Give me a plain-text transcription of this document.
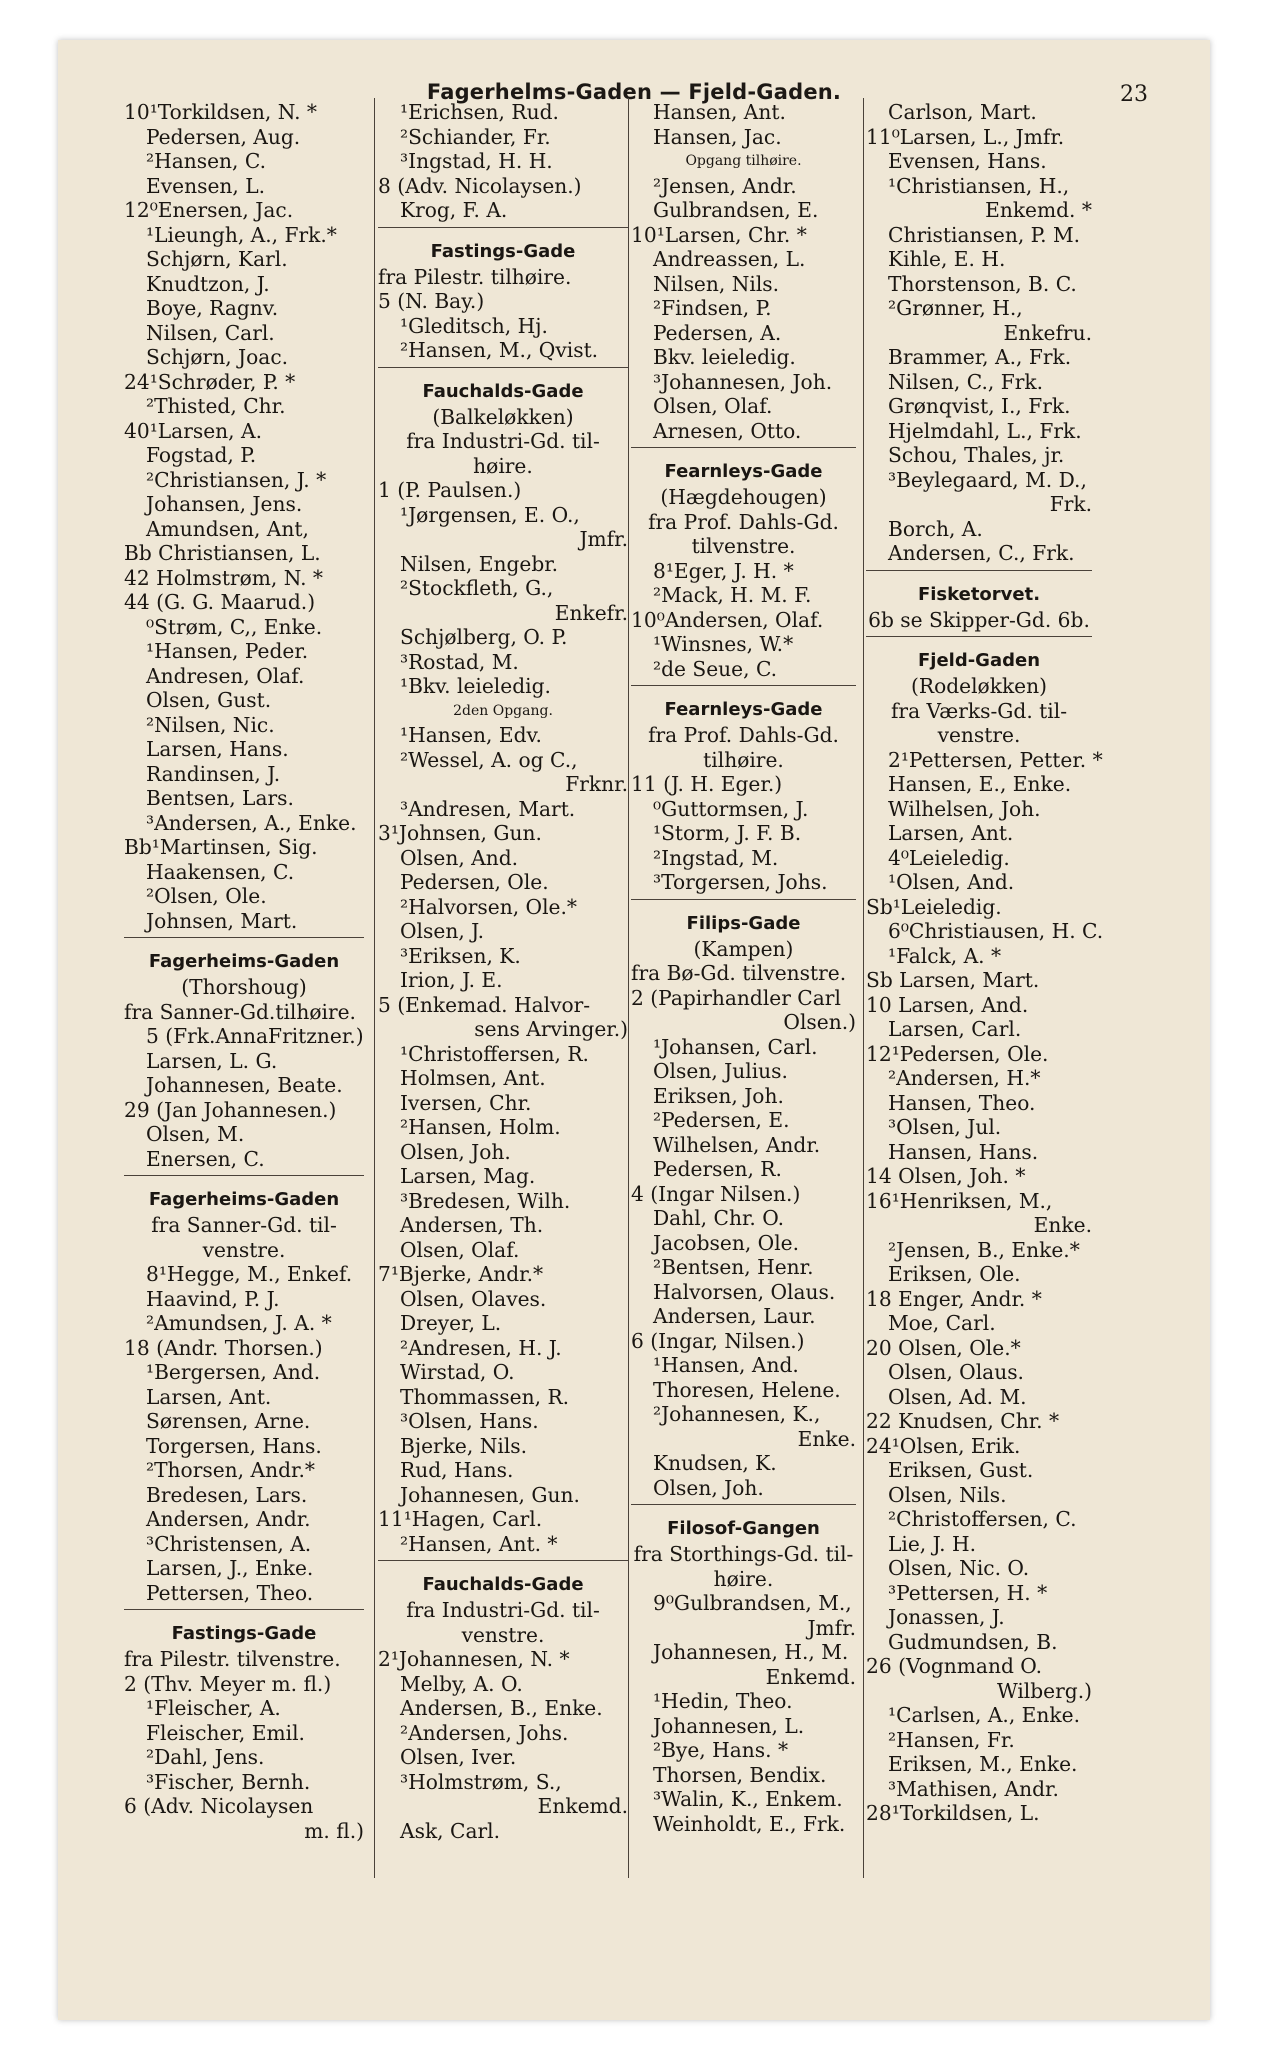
Fagerhelms-Gaden — Fjeld-Gaden.	23
10¹Torkildsen, N. *
Pedersen, Aug.
²Hansen, C.
Evensen, L.
12⁰Enersen, Jac.
¹Lieungh, A., Frk.*
Schjørn, Karl.
Knudtzon, J.
Boye, Ragnv.
Nilsen, Carl.
Schjørn, Joac.
24¹Schrøder, P. *
²Thisted, Chr.
40¹Larsen, A.
Fogstad, P.
²Christiansen, J. *
Johansen, Jens.
Amundsen, Ant,
Bb Christiansen, L.
42 Holmstrøm, N. *
44 (G. G. Maarud.)
⁰Strøm, C,, Enke.
¹Hansen, Peder.
Andresen, Olaf.
Olsen, Gust.
²Nilsen, Nic.
Larsen, Hans.
Randinsen, J.
Bentsen, Lars.
³Andersen, A., Enke.
Bb¹Martinsen, Sig.
Haakensen, C.
²Olsen, Ole.
Johnsen, Mart.
Fagerheims-Gaden
(Thorshoug)
fra Sanner-Gd.tilhøire.
5 (Frk.AnnaFritzner.)
Larsen, L. G.
Johannesen, Beate.
29 (Jan Johannesen.)
Olsen, M.
Enersen, C.
Fagerheims-Gaden
fra Sanner-Gd. til-
venstre.
8¹Hegge, M., Enkef.
Haavind, P. J.
²Amundsen, J. A. *
18 (Andr. Thorsen.)
¹Bergersen, And.
Larsen, Ant.
Sørensen, Arne.
Torgersen, Hans.
²Thorsen, Andr.*
Bredesen, Lars.
Andersen, Andr.
³Christensen, A.
Larsen, J., Enke.
Pettersen, Theo.
Fastings-Gade
fra Pilestr. tilvenstre.
2 (Thv. Meyer m. fl.)
¹Fleischer, A.
Fleischer, Emil.
²Dahl, Jens.
³Fischer, Bernh.
6 (Adv. Nicolaysen
m. fl.)
¹Erichsen, Rud.
²Schiander, Fr.
³Ingstad, H. H.
8 (Adv. Nicolaysen.)
Krog, F. A.
Fastings-Gade
fra Pilestr. tilhøire.
5 (N. Bay.)
¹Gleditsch, Hj.
²Hansen, M., Qvist.
Fauchalds-Gade
(Balkeløkken)
fra Industri-Gd. til-
høire.
1 (P. Paulsen.)
¹Jørgensen, E. O.,
Jmfr.
Nilsen, Engebr.
²Stockfleth, G.,
Enkefr.
Schjølberg, O. P.
³Rostad, M.
¹Bkv. leieledig.
2den Opgang.
¹Hansen, Edv.
²Wessel, A. og C.,
Frknr.
³Andresen, Mart.
3¹Johnsen, Gun.
Olsen, And.
Pedersen, Ole.
²Halvorsen, Ole.*
Olsen, J.
³Eriksen, K.
Irion, J. E.
5 (Enkemad. Halvor-
sens Arvinger.)
¹Christoffersen, R.
Holmsen, Ant.
Iversen, Chr.
²Hansen, Holm.
Olsen, Joh.
Larsen, Mag.
³Bredesen, Wilh.
Andersen, Th.
Olsen, Olaf.
7¹Bjerke, Andr.*
Olsen, Olaves.
Dreyer, L.
²Andresen, H. J.
Wirstad, O.
Thommassen, R.
³Olsen, Hans.
Bjerke, Nils.
Rud, Hans.
Johannesen, Gun.
11¹Hagen, Carl.
²Hansen, Ant. *
Fauchalds-Gade
fra Industri-Gd. til-
venstre.
2¹Johannesen, N. *
Melby, A. O.
Andersen, B., Enke.
²Andersen, Johs.
Olsen, Iver.
³Holmstrøm, S.,
Enkemd.
Ask, Carl.
Hansen, Ant.
Hansen, Jac.
Opgang tilhøire.
²Jensen, Andr.
Gulbrandsen, E.
10¹Larsen, Chr. *
Andreassen, L.
Nilsen, Nils.
²Findsen, P.
Pedersen, A.
Bkv. leieledig.
³Johannesen, Joh.
Olsen, Olaf.
Arnesen, Otto.
Fearnleys-Gade
(Hægdehougen)
fra Prof. Dahls-Gd.
tilvenstre.
8¹Eger, J. H. *
²Mack, H. M. F.
10⁰Andersen, Olaf.
¹Winsnes, W.*
²de Seue, C.
Fearnleys-Gade
fra Prof. Dahls-Gd.
tilhøire.
11 (J. H. Eger.)
⁰Guttormsen, J.
¹Storm, J. F. B.
²Ingstad, M.
³Torgersen, Johs.
Filips-Gade
(Kampen)
fra Bø-Gd. tilvenstre.
2 (Papirhandler Carl
Olsen.)
¹Johansen, Carl.
Olsen, Julius.
Eriksen, Joh.
²Pedersen, E.
Wilhelsen, Andr.
Pedersen, R.
4 (Ingar Nilsen.)
Dahl, Chr. O.
Jacobsen, Ole.
²Bentsen, Henr.
Halvorsen, Olaus.
Andersen, Laur.
6 (Ingar, Nilsen.)
¹Hansen, And.
Thoresen, Helene.
²Johannesen, K.,
Enke.
Knudsen, K.
Olsen, Joh.
Filosof-Gangen
fra Storthings-Gd. til-
høire.
9⁰Gulbrandsen, M.,
Jmfr.
Johannesen, H., M.
Enkemd.
¹Hedin, Theo.
Johannesen, L.
²Bye, Hans. *
Thorsen, Bendix.
³Walin, K., Enkem.
Weinholdt, E., Frk.
Carlson, Mart.
11⁰Larsen, L., Jmfr.
Evensen, Hans.
¹Christiansen, H.,
Enkemd. *
Christiansen, P. M.
Kihle, E. H.
Thorstenson, B. C.
²Grønner, H.,
Enkefru.
Brammer, A., Frk.
Nilsen, C., Frk.
Grønqvist, I., Frk.
Hjelmdahl, L., Frk.
Schou, Thales, jr.
³Beylegaard, M. D.,
Frk.
Borch, A.
Andersen, C., Frk.
Fisketorvet.
6b se Skipper-Gd. 6b.
Fjeld-Gaden
(Rodeløkken)
fra Værks-Gd. til-
venstre.
2¹Pettersen, Petter. *
Hansen, E., Enke.
Wilhelsen, Joh.
Larsen, Ant.
4⁰Leieledig.
¹Olsen, And.
Sb¹Leieledig.
6⁰Christiausen, H. C.
¹Falck, A. *
Sb Larsen, Mart.
10 Larsen, And.
Larsen, Carl.
12¹Pedersen, Ole.
²Andersen, H.*
Hansen, Theo.
³Olsen, Jul.
Hansen, Hans.
14 Olsen, Joh. *
16¹Henriksen, M.,
Enke.
²Jensen, B., Enke.*
Eriksen, Ole.
18 Enger, Andr. *
Moe, Carl.
20 Olsen, Ole.*
Olsen, Olaus.
Olsen, Ad. M.
22 Knudsen, Chr. *
24¹Olsen, Erik.
Eriksen, Gust.
Olsen, Nils.
²Christoffersen, C.
Lie, J. H.
Olsen, Nic. O.
³Pettersen, H. *
Jonassen, J.
Gudmundsen, B.
26 (Vognmand O.
Wilberg.)
¹Carlsen, A., Enke.
²Hansen, Fr.
Eriksen, M., Enke.
³Mathisen, Andr.
28¹Torkildsen, L.
